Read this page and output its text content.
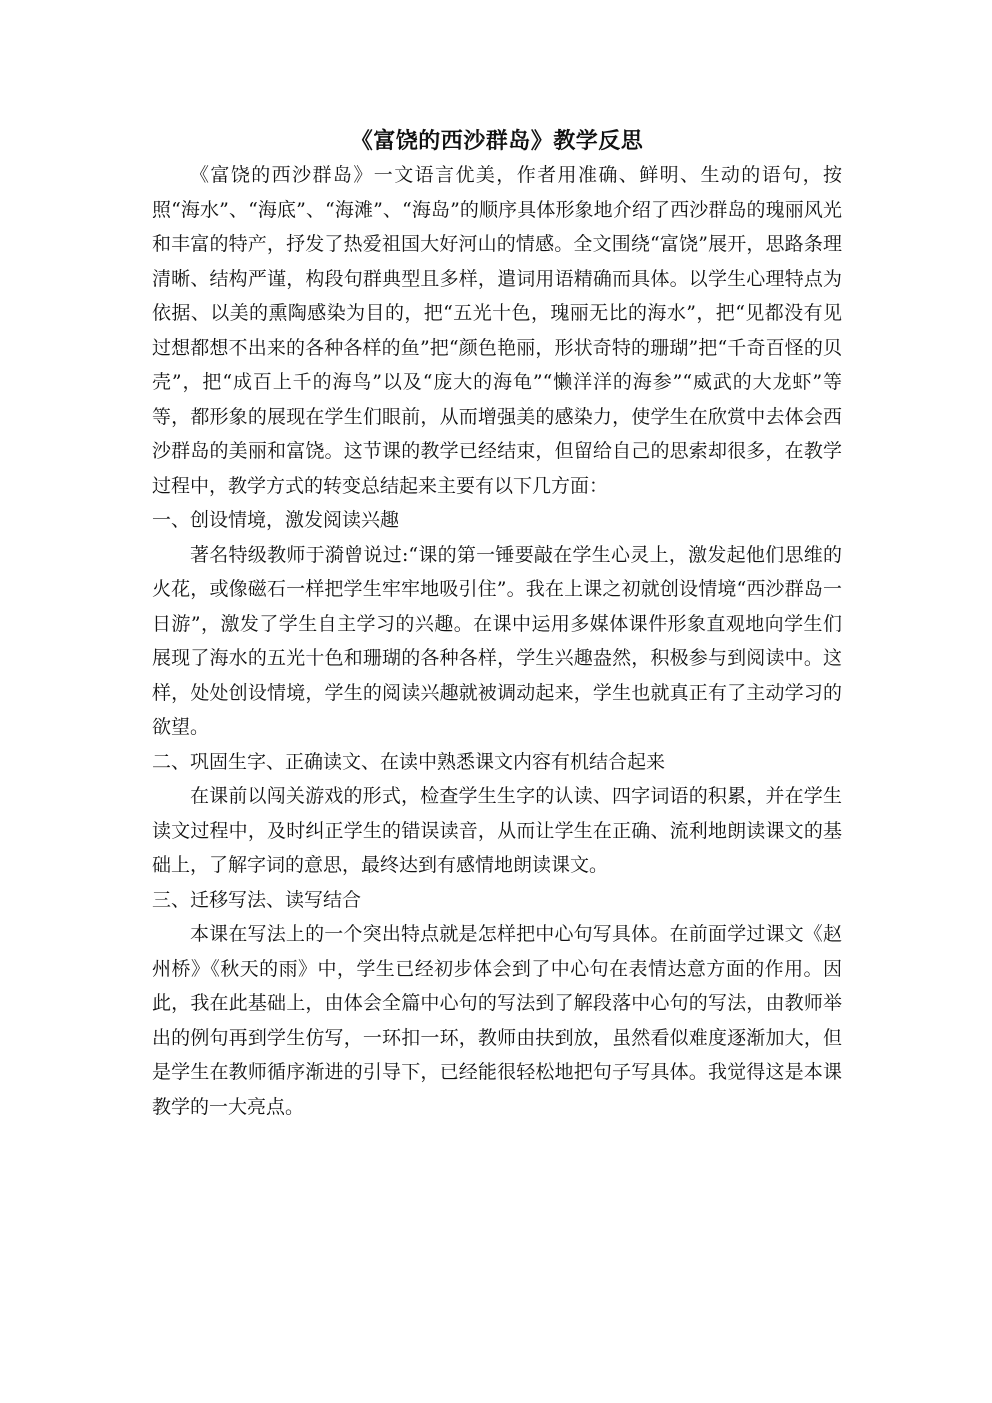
《富饶的西沙群岛》教学反思

《富饶的西沙群岛》一文语言优美，作者用准确、鲜明、生动的语句，按照“海水”、“海底”、“海滩”、“海岛”的顺序具体形象地介绍了西沙群岛的瑰丽风光和丰富的特产，抒发了热爱祖国大好河山的情感。全文围绕“富饶”展开，思路条理清晰、结构严谨，构段句群典型且多样，遣词用语精确而具体。以学生心理特点为依据、以美的熏陶感染为目的，把“五光十色，瑰丽无比的海水”，把“见都没有见过想都想不出来的各种各样的鱼”把“颜色艳丽，形状奇特的珊瑚”把“千奇百怪的贝壳”，把“成百上千的海鸟”以及“庞大的海龟”“懒洋洋的海参”“威武的大龙虾”等等，都形象的展现在学生们眼前，从而增强美的感染力，使学生在欣赏中去体会西沙群岛的美丽和富饶。这节课的教学已经结束，但留给自己的思索却很多，在教学过程中，教学方式的转变总结起来主要有以下几方面：

一、创设情境，激发阅读兴趣

著名特级教师于漪曾说过:“课的第一锤要敲在学生心灵上，激发起他们思维的火花，或像磁石一样把学生牢牢地吸引住”。我在上课之初就创设情境“西沙群岛一日游”，激发了学生自主学习的兴趣。在课中运用多媒体课件形象直观地向学生们展现了海水的五光十色和珊瑚的各种各样，学生兴趣盎然，积极参与到阅读中。这样，处处创设情境，学生的阅读兴趣就被调动起来，学生也就真正有了主动学习的欲望。

二、巩固生字、正确读文、在读中熟悉课文内容有机结合起来

在课前以闯关游戏的形式，检查学生生字的认读、四字词语的积累，并在学生读文过程中，及时纠正学生的错误读音，从而让学生在正确、流利地朗读课文的基础上，了解字词的意思，最终达到有感情地朗读课文。

三、迁移写法、读写结合

本课在写法上的一个突出特点就是怎样把中心句写具体。在前面学过课文《赵州桥》《秋天的雨》中，学生已经初步体会到了中心句在表情达意方面的作用。因此，我在此基础上，由体会全篇中心句的写法到了解段落中心句的写法，由教师举出的例句再到学生仿写，一环扣一环，教师由扶到放，虽然看似难度逐渐加大，但是学生在教师循序渐进的引导下，已经能很轻松地把句子写具体。我觉得这是本课教学的一大亮点。
